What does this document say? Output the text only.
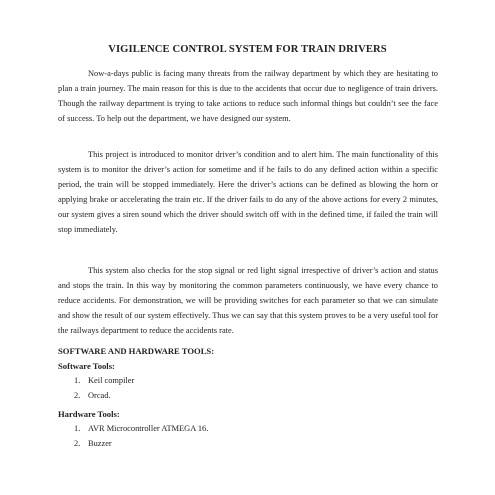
VIGILENCE CONTROL SYSTEM FOR TRAIN DRIVERS

Now-a-days public is facing many threats from the railway department by which they are hesitating to plan a train journey. The main reason for this is due to the accidents that occur due to negligence of train drivers. Though the railway department is trying to take actions to reduce such informal things but couldn’t see the face of success. To help out the department, we have designed our system.

This project is introduced to monitor driver’s condition and to alert him. The main functionality of this system is to monitor the driver’s action for sometime and if he fails to do any defined action within a specific period, the train will be stopped immediately. Here the driver’s actions can be defined as blowing the horn or applying brake or accelerating the train etc. If the driver fails to do any of the above actions for every 2 minutes, our system gives a siren sound which the driver should switch off with in the defined time, if failed the train will stop immediately.

This system also checks for the stop signal or red light signal irrespective of driver’s action and status and stops the train. In this way by monitoring the common parameters continuously, we have every chance to reduce accidents. For demonstration, we will be providing switches for each parameter so that we can simulate and show the result of our system effectively. Thus we can say that this system proves to be a very useful tool for the railways department to reduce the accidents rate.

SOFTWARE AND HARDWARE TOOLS:
Software Tools:
1. Keil compiler
2. Orcad.
Hardware Tools:
1. AVR Microcontroller ATMEGA 16.
2. Buzzer
